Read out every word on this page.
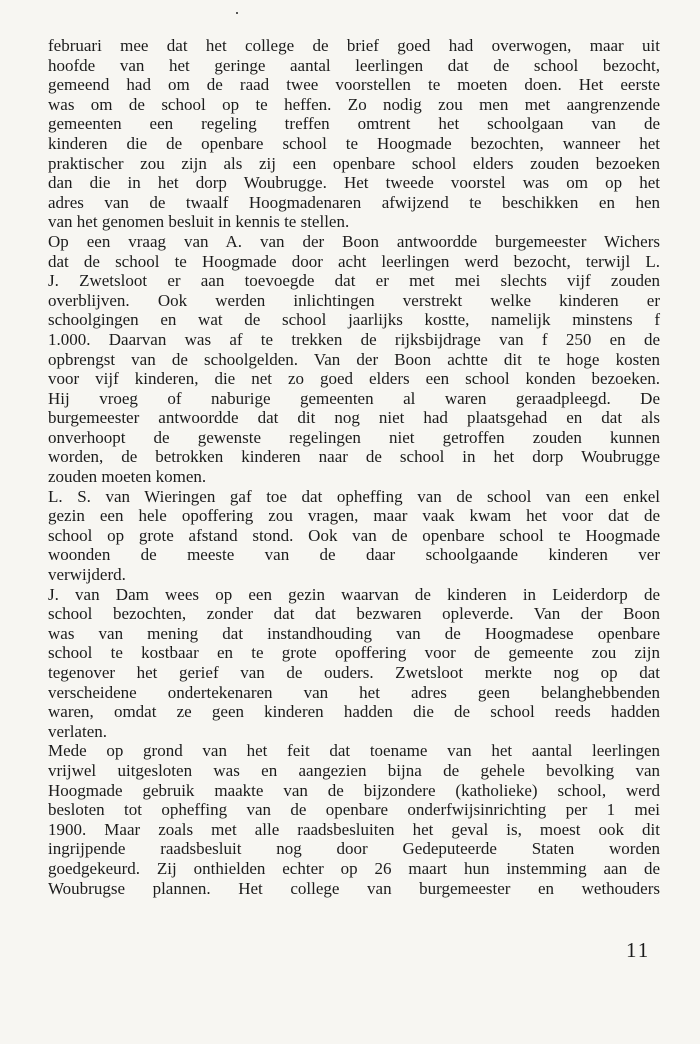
februari mee dat het college de brief goed had overwogen, maar uit
hoofde van het geringe aantal leerlingen dat de school bezocht,
gemeend had om de raad twee voorstellen te moeten doen. Het eerste
was om de school op te heffen. Zo nodig zou men met aangrenzende
gemeenten een regeling treffen omtrent het schoolgaan van de
kinderen die de openbare school te Hoogmade bezochten, wanneer het
praktischer zou zijn als zij een openbare school elders zouden bezoeken
dan die in het dorp Woubrugge. Het tweede voorstel was om op het
adres van de twaalf Hoogmadenaren afwijzend te beschikken en hen
van het genomen besluit in kennis te stellen.
Op een vraag van A. van der Boon antwoordde burgemeester Wichers
dat de school te Hoogmade door acht leerlingen werd bezocht, terwijl L.
J. Zwetsloot er aan toevoegde dat er met mei slechts vijf zouden
overblijven. Ook werden inlichtingen verstrekt welke kinderen er
schoolgingen en wat de school jaarlijks kostte, namelijk minstens f
1.000. Daarvan was af te trekken de rijksbijdrage van f 250 en de
opbrengst van de schoolgelden. Van der Boon achtte dit te hoge kosten
voor vijf kinderen, die net zo goed elders een school konden bezoeken.
Hij vroeg of naburige gemeenten al waren geraadpleegd. De
burgemeester antwoordde dat dit nog niet had plaatsgehad en dat als
onverhoopt de gewenste regelingen niet getroffen zouden kunnen
worden, de betrokken kinderen naar de school in het dorp Woubrugge
zouden moeten komen.
L. S. van Wieringen gaf toe dat opheffing van de school van een enkel
gezin een hele opoffering zou vragen, maar vaak kwam het voor dat de
school op grote afstand stond. Ook van de openbare school te Hoogmade
woonden de meeste van de daar schoolgaande kinderen ver
verwijderd.
J. van Dam wees op een gezin waarvan de kinderen in Leiderdorp de
school bezochten, zonder dat dat bezwaren opleverde. Van der Boon
was van mening dat instandhouding van de Hoogmadese openbare
school te kostbaar en te grote opoffering voor de gemeente zou zijn
tegenover het gerief van de ouders. Zwetsloot merkte nog op dat
verscheidene ondertekenaren van het adres geen belanghebbenden
waren, omdat ze geen kinderen hadden die de school reeds hadden
verlaten.
Mede op grond van het feit dat toename van het aantal leerlingen
vrijwel uitgesloten was en aangezien bijna de gehele bevolking van
Hoogmade gebruik maakte van de bijzondere (katholieke) school, werd
besloten tot opheffing van de openbare onderfwijsinrichting per 1 mei
1900. Maar zoals met alle raadsbesluiten het geval is, moest ook dit
ingrijpende raadsbesluit nog door Gedeputeerde Staten worden
goedgekeurd. Zij onthielden echter op 26 maart hun instemming aan de
Woubrugse plannen. Het college van burgemeester en wethouders
11
